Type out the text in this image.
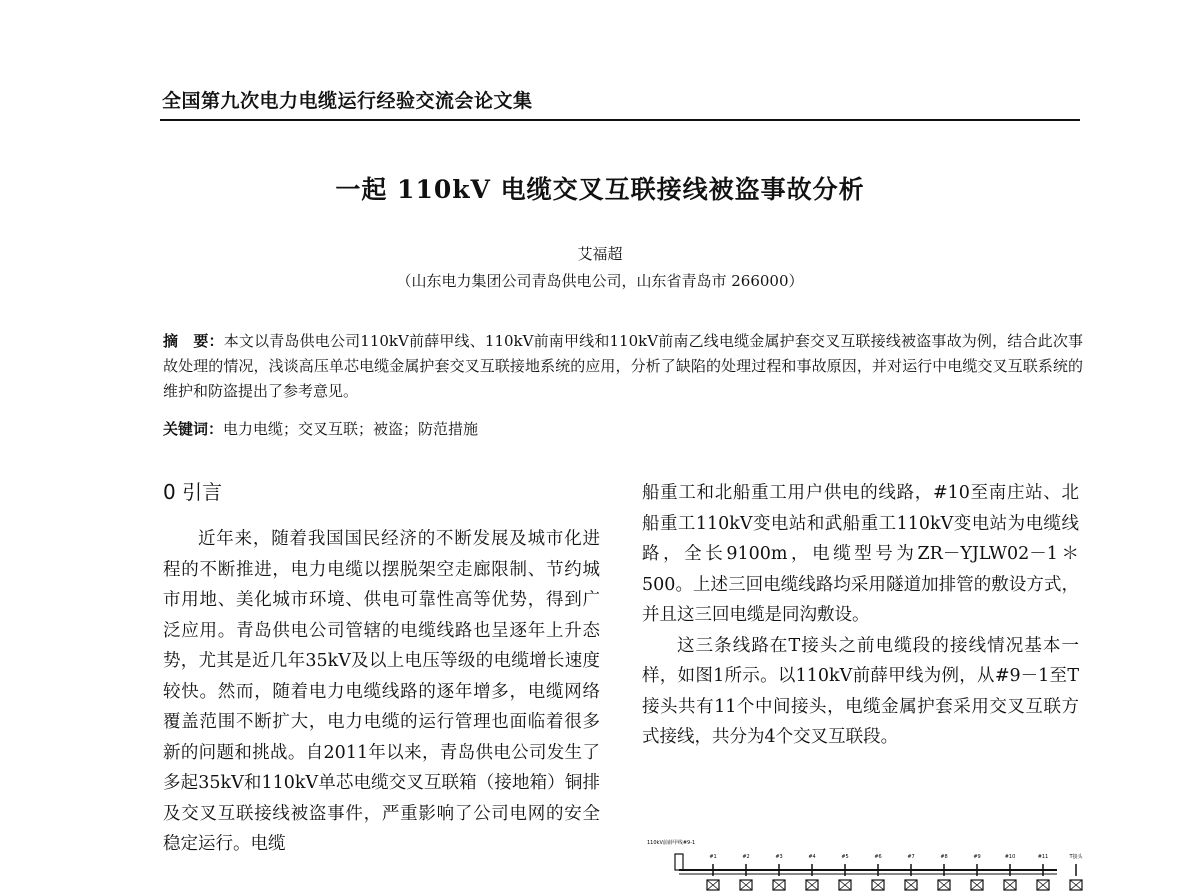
全国第九次电力电缆运行经验交流会论文集
一起 110kV 电缆交叉互联接线被盗事故分析
艾福超
（山东电力集团公司青岛供电公司，山东省青岛市 266000）
摘　要：本文以青岛供电公司110kV前薛甲线、110kV前南甲线和110kV前南乙线电缆金属护套交叉互联接线被盗事故为例，结合此次事故处理的情况，浅谈高压单芯电缆金属护套交叉互联接地系统的应用，分析了缺陷的处理过程和事故原因，并对运行中电缆交叉互联系统的维护和防盗提出了参考意见。
关键词：电力电缆；交叉互联；被盗；防范措施
0 引言

近年来，随着我国国民经济的不断发展及城市化进程的不断推进，电力电缆以摆脱架空走廊限制、节约城市用地、美化城市环境、供电可靠性高等优势，得到广泛应用。青岛供电公司管辖的电缆线路也呈逐年上升态势，尤其是近几年35kV及以上电压等级的电缆增长速度较快。然而，随着电力电缆线路的逐年增多，电缆网络覆盖范围不断扩大，电力电缆的运行管理也面临着很多新的问题和挑战。自2011年以来，青岛供电公司发生了多起35kV和110kV单芯电缆交叉互联箱（接地箱）铜排及交叉互联接线被盗事件，严重影响了公司电网的安全稳定运行。电缆

船重工和北船重工用户供电的线路，#10至南庄站、北船重工110kV变电站和武船重工110kV变电站为电缆线路，全长9100m，电缆型号为ZR－YJLW02－1＊500。上述三回电缆线路均采用隧道加排管的敷设方式，并且这三回电缆是同沟敷设。

这三条线路在T接头之前电缆段的接线情况基本一样，如图1所示。以110kV前薛甲线为例，从#9－1至T接头共有11个中间接头，电缆金属护套采用交叉互联方式接线，共分为4个交叉互联段。

110kV前薛甲线#9-1
#1	#2	#3	#4	#5	#6	#7	#8	#9	#10	#11	T接头
